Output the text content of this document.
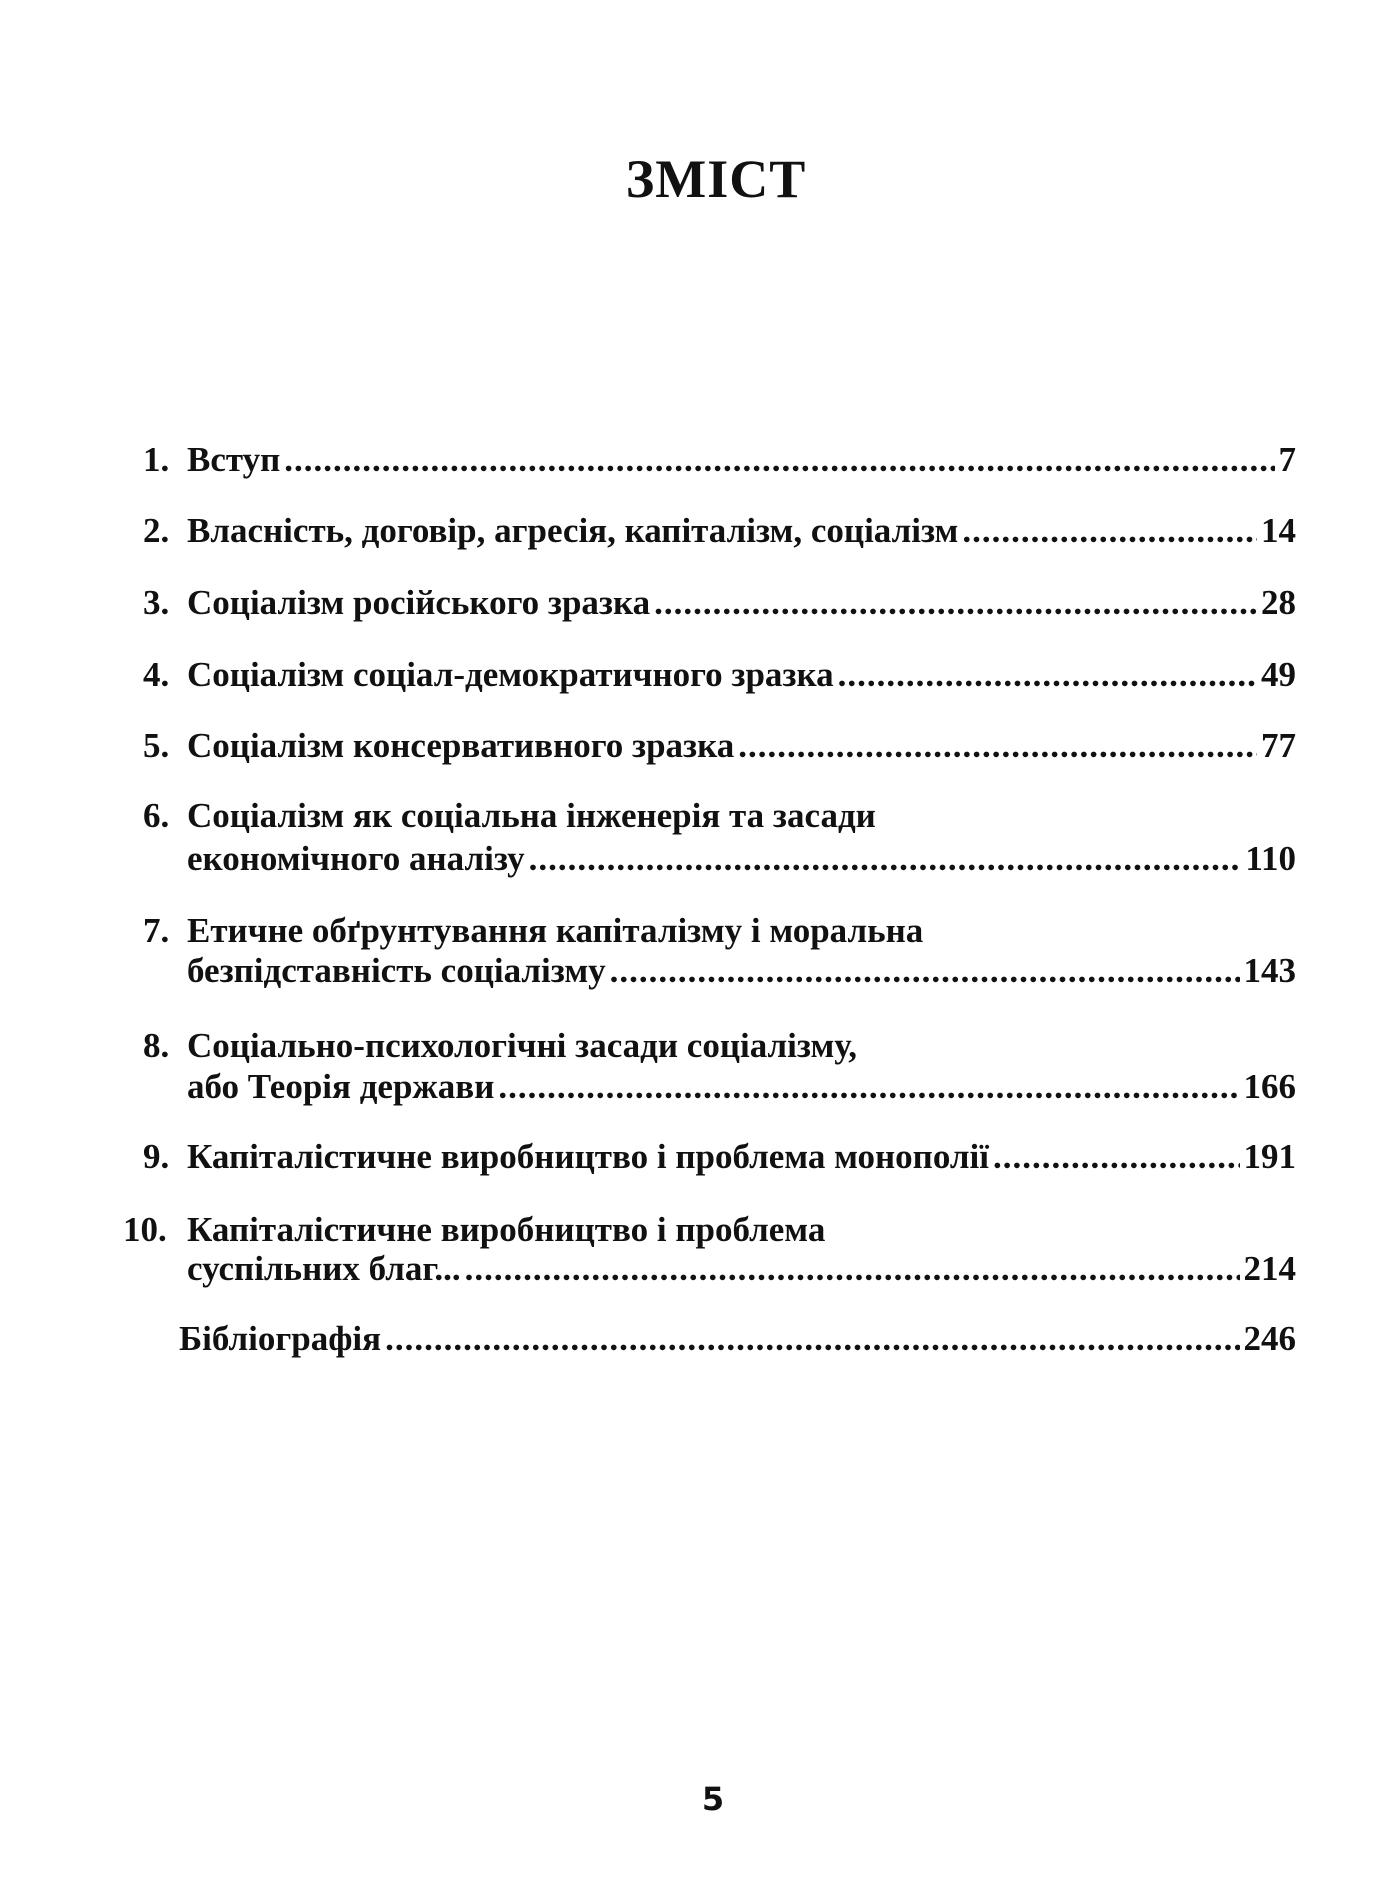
ЗМІСТ
1. Вступ .....	7
2. Власність, договір, агресія, капіталізм, соціалізм .....	14
3. Соціалізм російського зразка .....	28
4. Соціалізм соціал-демократичного зразка .....	49
5. Соціалізм консервативного зразка .....	77
6. Соціалізм як соціальна інженерія та засади
економічного аналізу .....	110
7. Етичне обґрунтування капіталізму і моральна
безпідставність соціалізму .....	143
8. Соціально-психологічні засади соціалізму,
або Теорія держави .....	166
9. Капіталістичне виробництво і проблема монополії .....	191
10. Капіталістичне виробництво і проблема
суспільних благ... .....	214
Бібліографія .....	246
5
